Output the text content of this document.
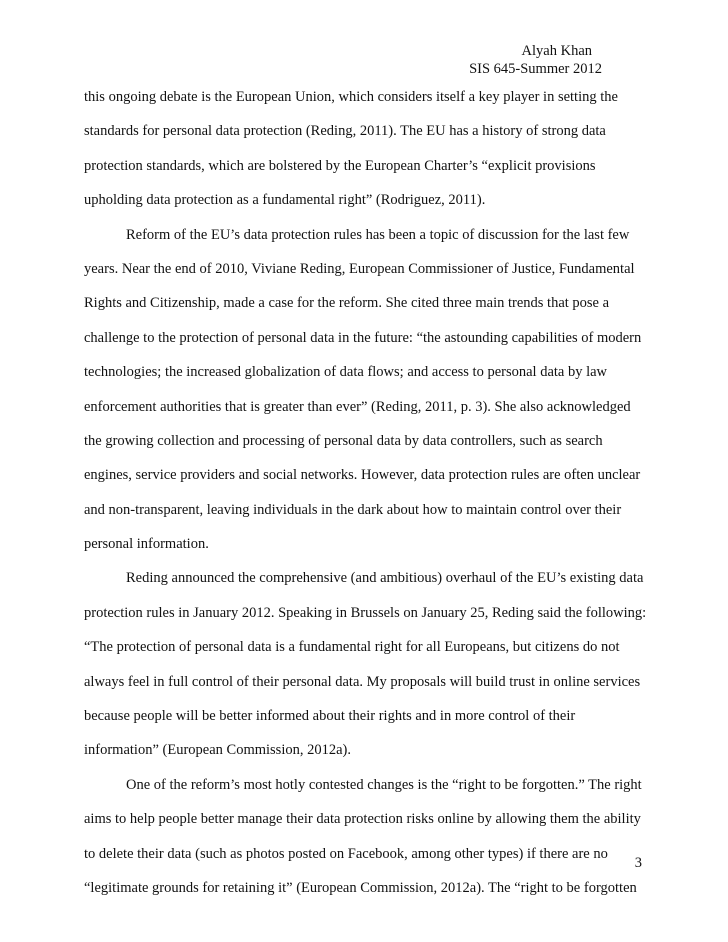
Alyah Khan
SIS 645-Summer 2012
this ongoing debate is the European Union, which considers itself a key player in setting the
standards for personal data protection (Reding, 2011). The EU has a history of strong data
protection standards, which are bolstered by the European Charter’s “explicit provisions
upholding data protection as a fundamental right” (Rodriguez, 2011).
Reform of the EU’s data protection rules has been a topic of discussion for the last few
years. Near the end of 2010, Viviane Reding, European Commissioner of Justice, Fundamental
Rights and Citizenship, made a case for the reform. She cited three main trends that pose a
challenge to the protection of personal data in the future: “the astounding capabilities of modern
technologies; the increased globalization of data flows; and access to personal data by law
enforcement authorities that is greater than ever” (Reding, 2011, p. 3). She also acknowledged
the growing collection and processing of personal data by data controllers, such as search
engines, service providers and social networks. However, data protection rules are often unclear
and non-transparent, leaving individuals in the dark about how to maintain control over their
personal information.
Reding announced the comprehensive (and ambitious) overhaul of the EU’s existing data
protection rules in January 2012. Speaking in Brussels on January 25, Reding said the following:
“The protection of personal data is a fundamental right for all Europeans, but citizens do not
always feel in full control of their personal data. My proposals will build trust in online services
because people will be better informed about their rights and in more control of their
information” (European Commission, 2012a).
One of the reform’s most hotly contested changes is the “right to be forgotten.” The right
aims to help people better manage their data protection risks online by allowing them the ability
to delete their data (such as photos posted on Facebook, among other types) if there are no
“legitimate grounds for retaining it” (European Commission, 2012a). The “right to be forgotten
3
